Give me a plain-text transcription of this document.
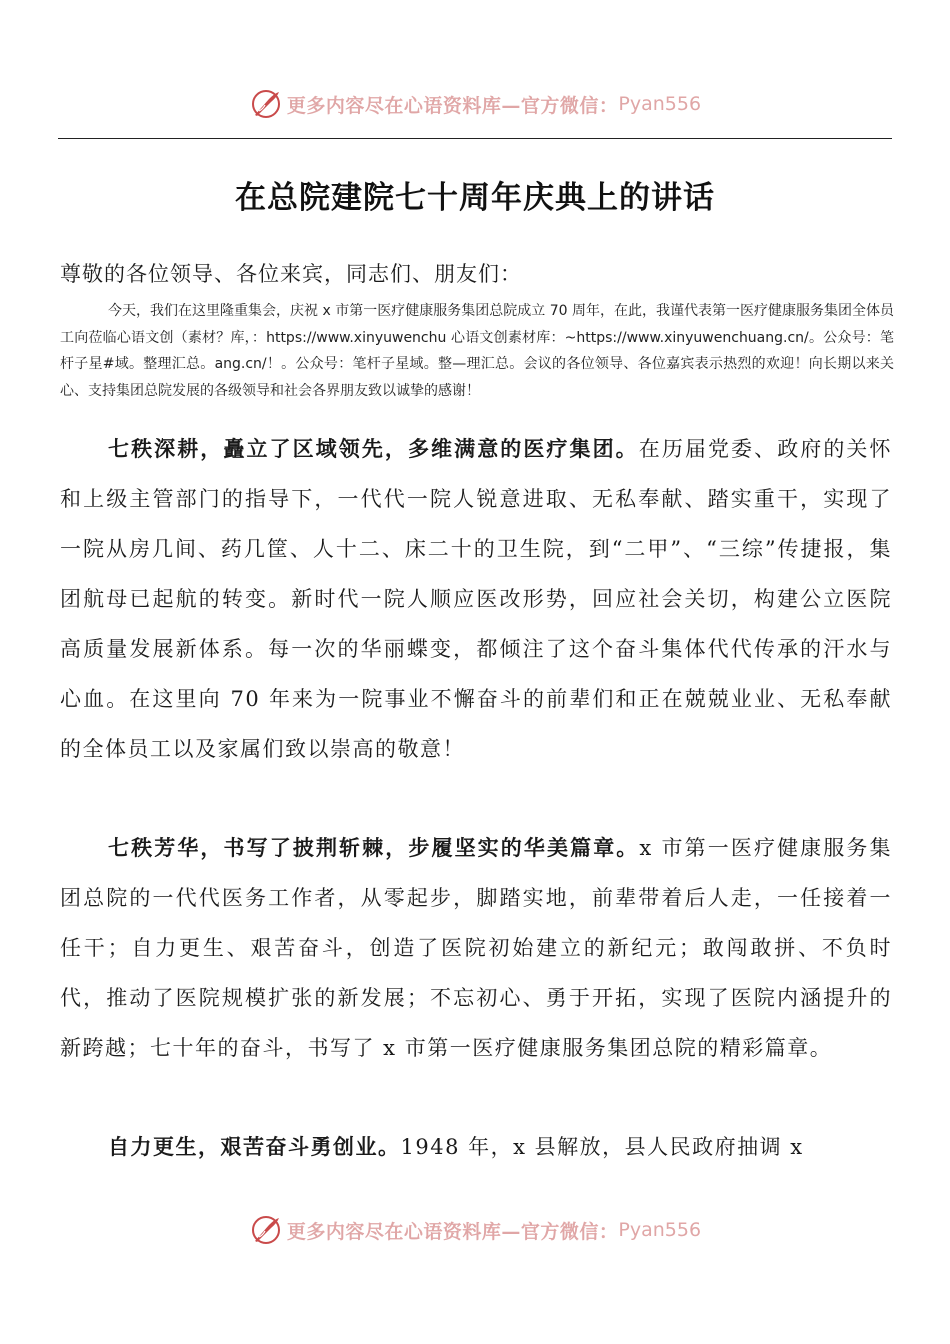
更多内容尽在心语资料库—官方微信： Pyan556
在总院建院七十周年庆典上的讲话
尊敬的各位领导、各位来宾，同志们、朋友们：

今天，我们在这里隆重集会，庆祝 x 市第一医疗健康服务集团总院成立 70 周年，在此，我谨代表第一医疗健康服务集团全体员工向莅临心语文创（素材？库，：https://www.xinyuwenchu 心语文创素材库：~https://www.xinyuwenchuang.cn/。公众号：笔杆子星#域。整理汇总。ang.cn/！。公众号：笔杆子星域。整—理汇总。会议的各位领导、各位嘉宾表示热烈的欢迎！向长期以来关心、支持集团总院发展的各级领导和社会各界朋友致以诚挚的感谢！

七秩深耕，矗立了区域领先，多维满意的医疗集团。在历届党委、政府的关怀和上级主管部门的指导下，一代代一院人锐意进取、无私奉献、踏实重干，实现了一院从房几间、药几筐、人十二、床二十的卫生院，到“二甲”、“三综”传捷报，集团航母已起航的转变。新时代一院人顺应医改形势，回应社会关切，构建公立医院高质量发展新体系。每一次的华丽蝶变，都倾注了这个奋斗集体代代传承的汗水与心血。在这里向 70 年来为一院事业不懈奋斗的前辈们和正在兢兢业业、无私奉献的全体员工以及家属们致以崇高的敬意！

七秩芳华，书写了披荆斩棘，步履坚实的华美篇章。x 市第一医疗健康服务集团总院的一代代医务工作者，从零起步，脚踏实地，前辈带着后人走，一任接着一任干；自力更生、艰苦奋斗，创造了医院初始建立的新纪元；敢闯敢拼、不负时代，推动了医院规模扩张的新发展；不忘初心、勇于开拓，实现了医院内涵提升的新跨越；七十年的奋斗，书写了 x 市第一医疗健康服务集团总院的精彩篇章。

自力更生，艰苦奋斗勇创业。1948 年，x 县解放，县人民政府抽调 x

更多内容尽在心语资料库—官方微信： Pyan556
